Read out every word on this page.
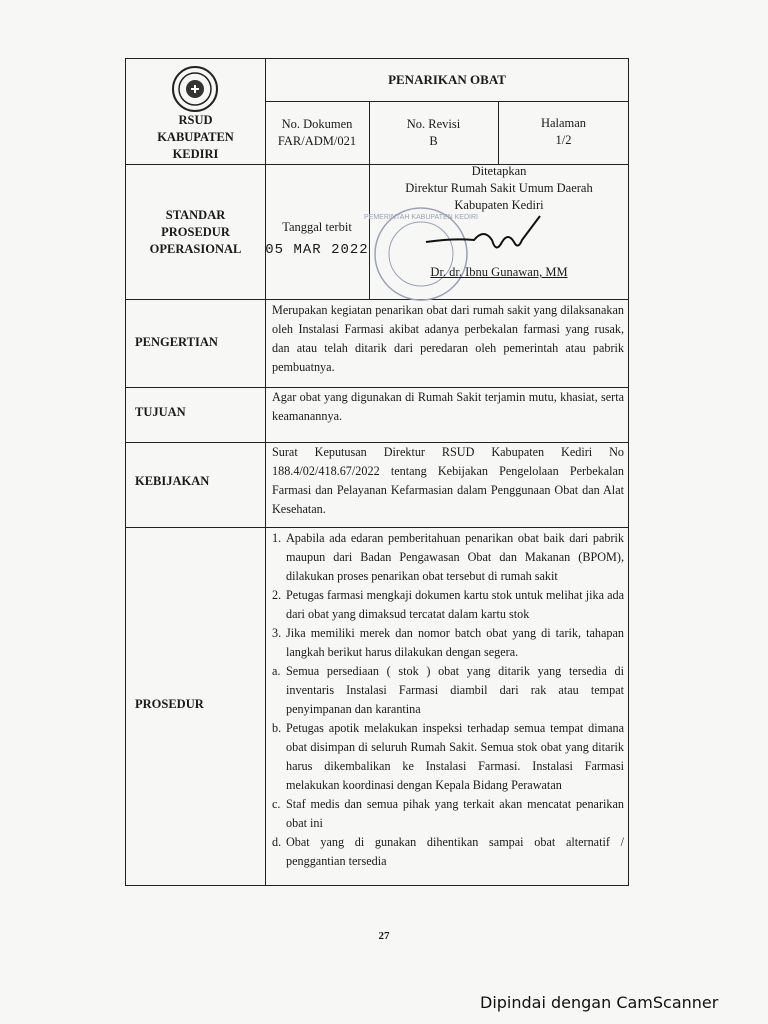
RSUD
KABUPATEN
KEDIRI
PENARIKAN OBAT
No. Dokumen
FAR/ADM/021
No. Revisi
B
Halaman
1/2
STANDAR
PROSEDUR
OPERASIONAL
Tanggal terbit
05 MAR 2022
PEMERINTAH KABUPATEN KEDIRI
Ditetapkan
Direktur Rumah Sakit Umum Daerah
Kabupaten Kediri
Dr. dr. Ibnu Gunawan, MM
PENGERTIAN
Merupakan kegiatan penarikan obat dari rumah sakit yang dilaksanakan oleh Instalasi Farmasi akibat adanya perbekalan farmasi yang rusak, dan atau telah ditarik dari peredaran oleh pemerintah atau pabrik pembuatnya.
TUJUAN
Agar obat yang digunakan di Rumah Sakit terjamin mutu, khasiat, serta keamanannya.
KEBIJAKAN
Surat Keputusan Direktur RSUD Kabupaten Kediri No 188.4/02/418.67/2022 tentang Kebijakan Pengelolaan Perbekalan Farmasi dan Pelayanan Kefarmasian dalam Penggunaan Obat dan Alat Kesehatan.
PROSEDUR
1. Apabila ada edaran pemberitahuan penarikan obat baik dari pabrik maupun dari Badan Pengawasan Obat dan Makanan (BPOM), dilakukan proses penarikan obat tersebut di rumah sakit
2. Petugas farmasi mengkaji dokumen kartu stok untuk melihat jika ada dari obat yang dimaksud tercatat dalam kartu stok
3. Jika memiliki merek dan nomor batch obat yang di tarik, tahapan langkah berikut harus dilakukan dengan segera.
a. Semua persediaan ( stok ) obat yang ditarik yang tersedia di inventaris Instalasi Farmasi diambil dari rak atau tempat penyimpanan dan karantina
b. Petugas apotik melakukan inspeksi terhadap semua tempat dimana obat disimpan di seluruh Rumah Sakit. Semua stok obat yang ditarik harus dikembalikan ke Instalasi Farmasi. Instalasi Farmasi melakukan koordinasi dengan Kepala Bidang Perawatan
c. Staf medis dan semua pihak yang terkait akan mencatat penarikan obat ini
d. Obat yang di gunakan dihentikan sampai obat alternatif / penggantian tersedia
27
Dipindai dengan CamScanner
